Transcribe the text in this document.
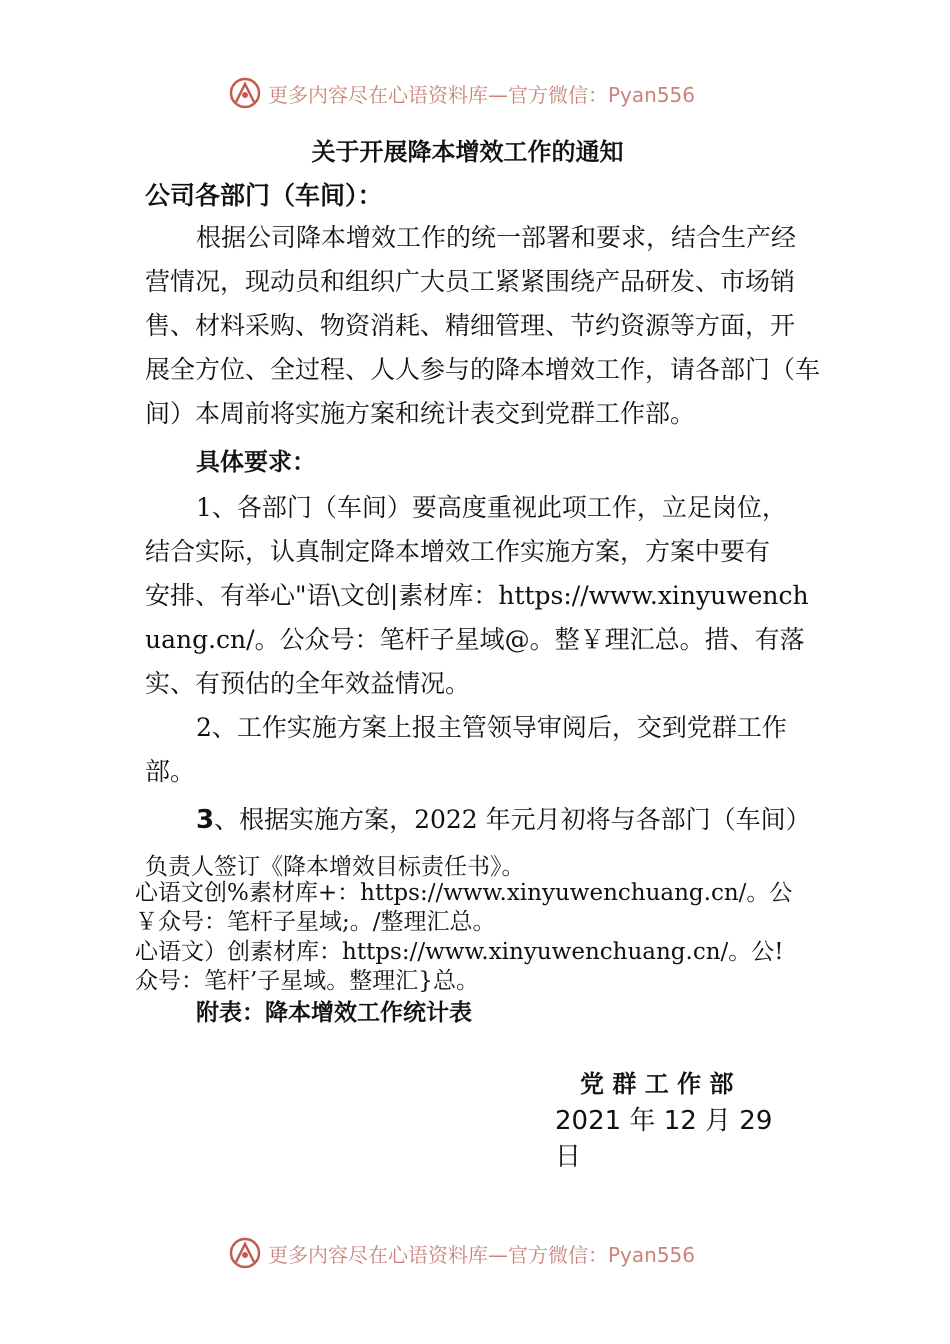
更多内容尽在心语资料库—官方微信：Pyan556
关于开展降本增效工作的通知
公司各部门（车间）：
根据公司降本增效工作的统一部署和要求，结合生产经
营情况，现动员和组织广大员工紧紧围绕产品研发、市场销
售、材料采购、物资消耗、精细管理、节约资源等方面，开
展全方位、全过程、人人参与的降本增效工作，请各部门（车
间）本周前将实施方案和统计表交到党群工作部。
具体要求：
1、各部门（车间）要高度重视此项工作，立足岗位，
结合实际，认真制定降本增效工作实施方案，方案中要有
安排、有举心"语\文创|素材库：https://www.xinyuwench
uang.cn/。公众号：笔杆子星域@。整￥理汇总。措、有落
实、有预估的全年效益情况。
2、工作实施方案上报主管领导审阅后，交到党群工作
部。
3、根据实施方案，2022 年元月初将与各部门（车间）
负责人签订《降本增效目标责任书》。
心语文创%素材库+：https://www.xinyuwenchuang.cn/。公
￥众号：笔杆子星域;。/整理汇总。
心语文）创素材库：https://www.xinyuwenchuang.cn/。公!
众号：笔杆’子星域。整理汇}总。
附表：降本增效工作统计表
党 群 工 作 部
2021 年 12 月 29
日
更多内容尽在心语资料库—官方微信：Pyan556
